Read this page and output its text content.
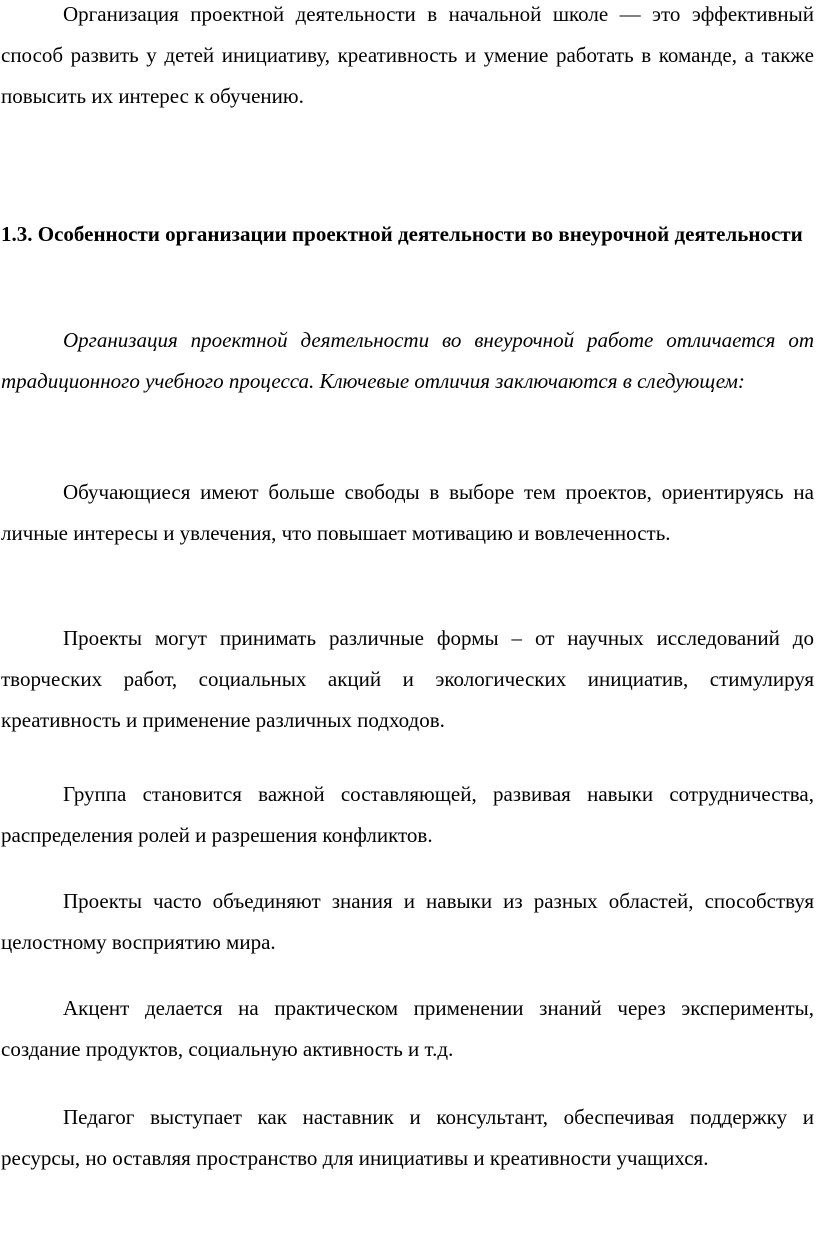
Организация проектной деятельности в начальной школе — это эффективный способ развить у детей инициативу, креативность и умение работать в команде, а также повысить их интерес к обучению.

1.3. Особенности организации проектной деятельности во внеурочной деятельности

Организация проектной деятельности во внеурочной работе отличается от традиционного учебного процесса. Ключевые отличия заключаются в следующем:

Обучающиеся имеют больше свободы в выборе тем проектов, ориентируясь на личные интересы и увлечения, что повышает мотивацию и вовлеченность.

Проекты могут принимать различные формы – от научных исследований до творческих работ, социальных акций и экологических инициатив, стимулируя креативность и применение различных подходов.

Группа становится важной составляющей, развивая навыки сотрудничества, распределения ролей и разрешения конфликтов.

Проекты часто объединяют знания и навыки из разных областей, способствуя целостному восприятию мира.

Акцент делается на практическом применении знаний через эксперименты, создание продуктов, социальную активность и т.д.

Педагог выступает как наставник и консультант, обеспечивая поддержку и ресурсы, но оставляя пространство для инициативы и креативности учащихся.
